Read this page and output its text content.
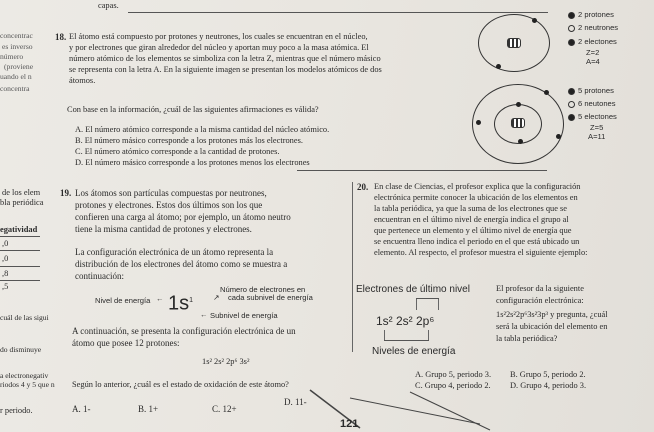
capas.
concentrac
es inverso
número
(proviene
uando el n
concentra
de los elem
bla periódica
egatividad
,0
,0
,8
,5
cuál de las sigui
do disminuye
a electronegativ
riodos 4 y 5 que n
r periodo.
18. El átomo está compuesto por protones y neutrones, los cuales se encuentran en el núcleo,
y por electrones que giran alrededor del núcleo y aportan muy poco a la masa atómica. El
número atómico de los elementos se simboliza con la letra Z, mientras que el número másico
se representa con la letra A. En la siguiente imagen se presentan los modelos atómicos de dos
átomos.
Con base en la información, ¿cuál de las siguientes afirmaciones es válida?
A. El número atómico corresponde a la misma cantidad del núcleo atómico.
B. El número másico corresponde a los protones más los electrones.
C. El número atómico corresponde a la cantidad de protones.
D. El número másico corresponde a los protones menos los electrones
2 protones
2 neutrones
2 electones
Z=2
A=4
5 protones
6 neutones
5 electones
Z=5
A=11
19. Los átomos son partículas compuestas por neutrones,
protones y electrones. Estos dos últimos son los que
confieren una carga al átomo; por ejemplo, un átomo neutro
tiene la misma cantidad de protones y electrones.
La configuración electrónica de un átomo representa la
distribución de los electrones del átomo como se muestra a
continuación:
Nivel de energía ← $1s^1$
Número de electrones en
cada subnivel de energía
↗
← Subnivel de energía
A continuación, se presenta la configuración electrónica de un
átomo que posee 12 protones:
1s² 2s² 2p⁶ 3s²
Según lo anterior, ¿cuál es el estado de oxidación de este átomo?
A. 1-	B. 1+	C. 12+
D. 11-
20. En clase de Ciencias, el profesor explica que la configuración
electrónica permite conocer la ubicación de los elementos en
la tabla periódica, ya que la suma de los electrones que se
encuentran en el último nivel de energía indica el grupo al
que pertenece un elemento y el último nivel de energía que
se encuentra lleno indica el periodo en el que está ubicado un
elemento. Al respecto, el profesor muestra el siguiente ejemplo:
Electrones de último nivel
1s² 2s² 2p⁶
Niveles de energía
El profesor da la siguiente
configuración electrónica:
1s²2s²2p⁶3s²3p³ y pregunta, ¿cuál
será la ubicación del elemento en
la tabla periódica?
A. Grupo 5, periodo 3. B. Grupo 5, periodo 2.
C. Grupo 4, periodo 2. D. Grupo 4, periodo 3.
121
